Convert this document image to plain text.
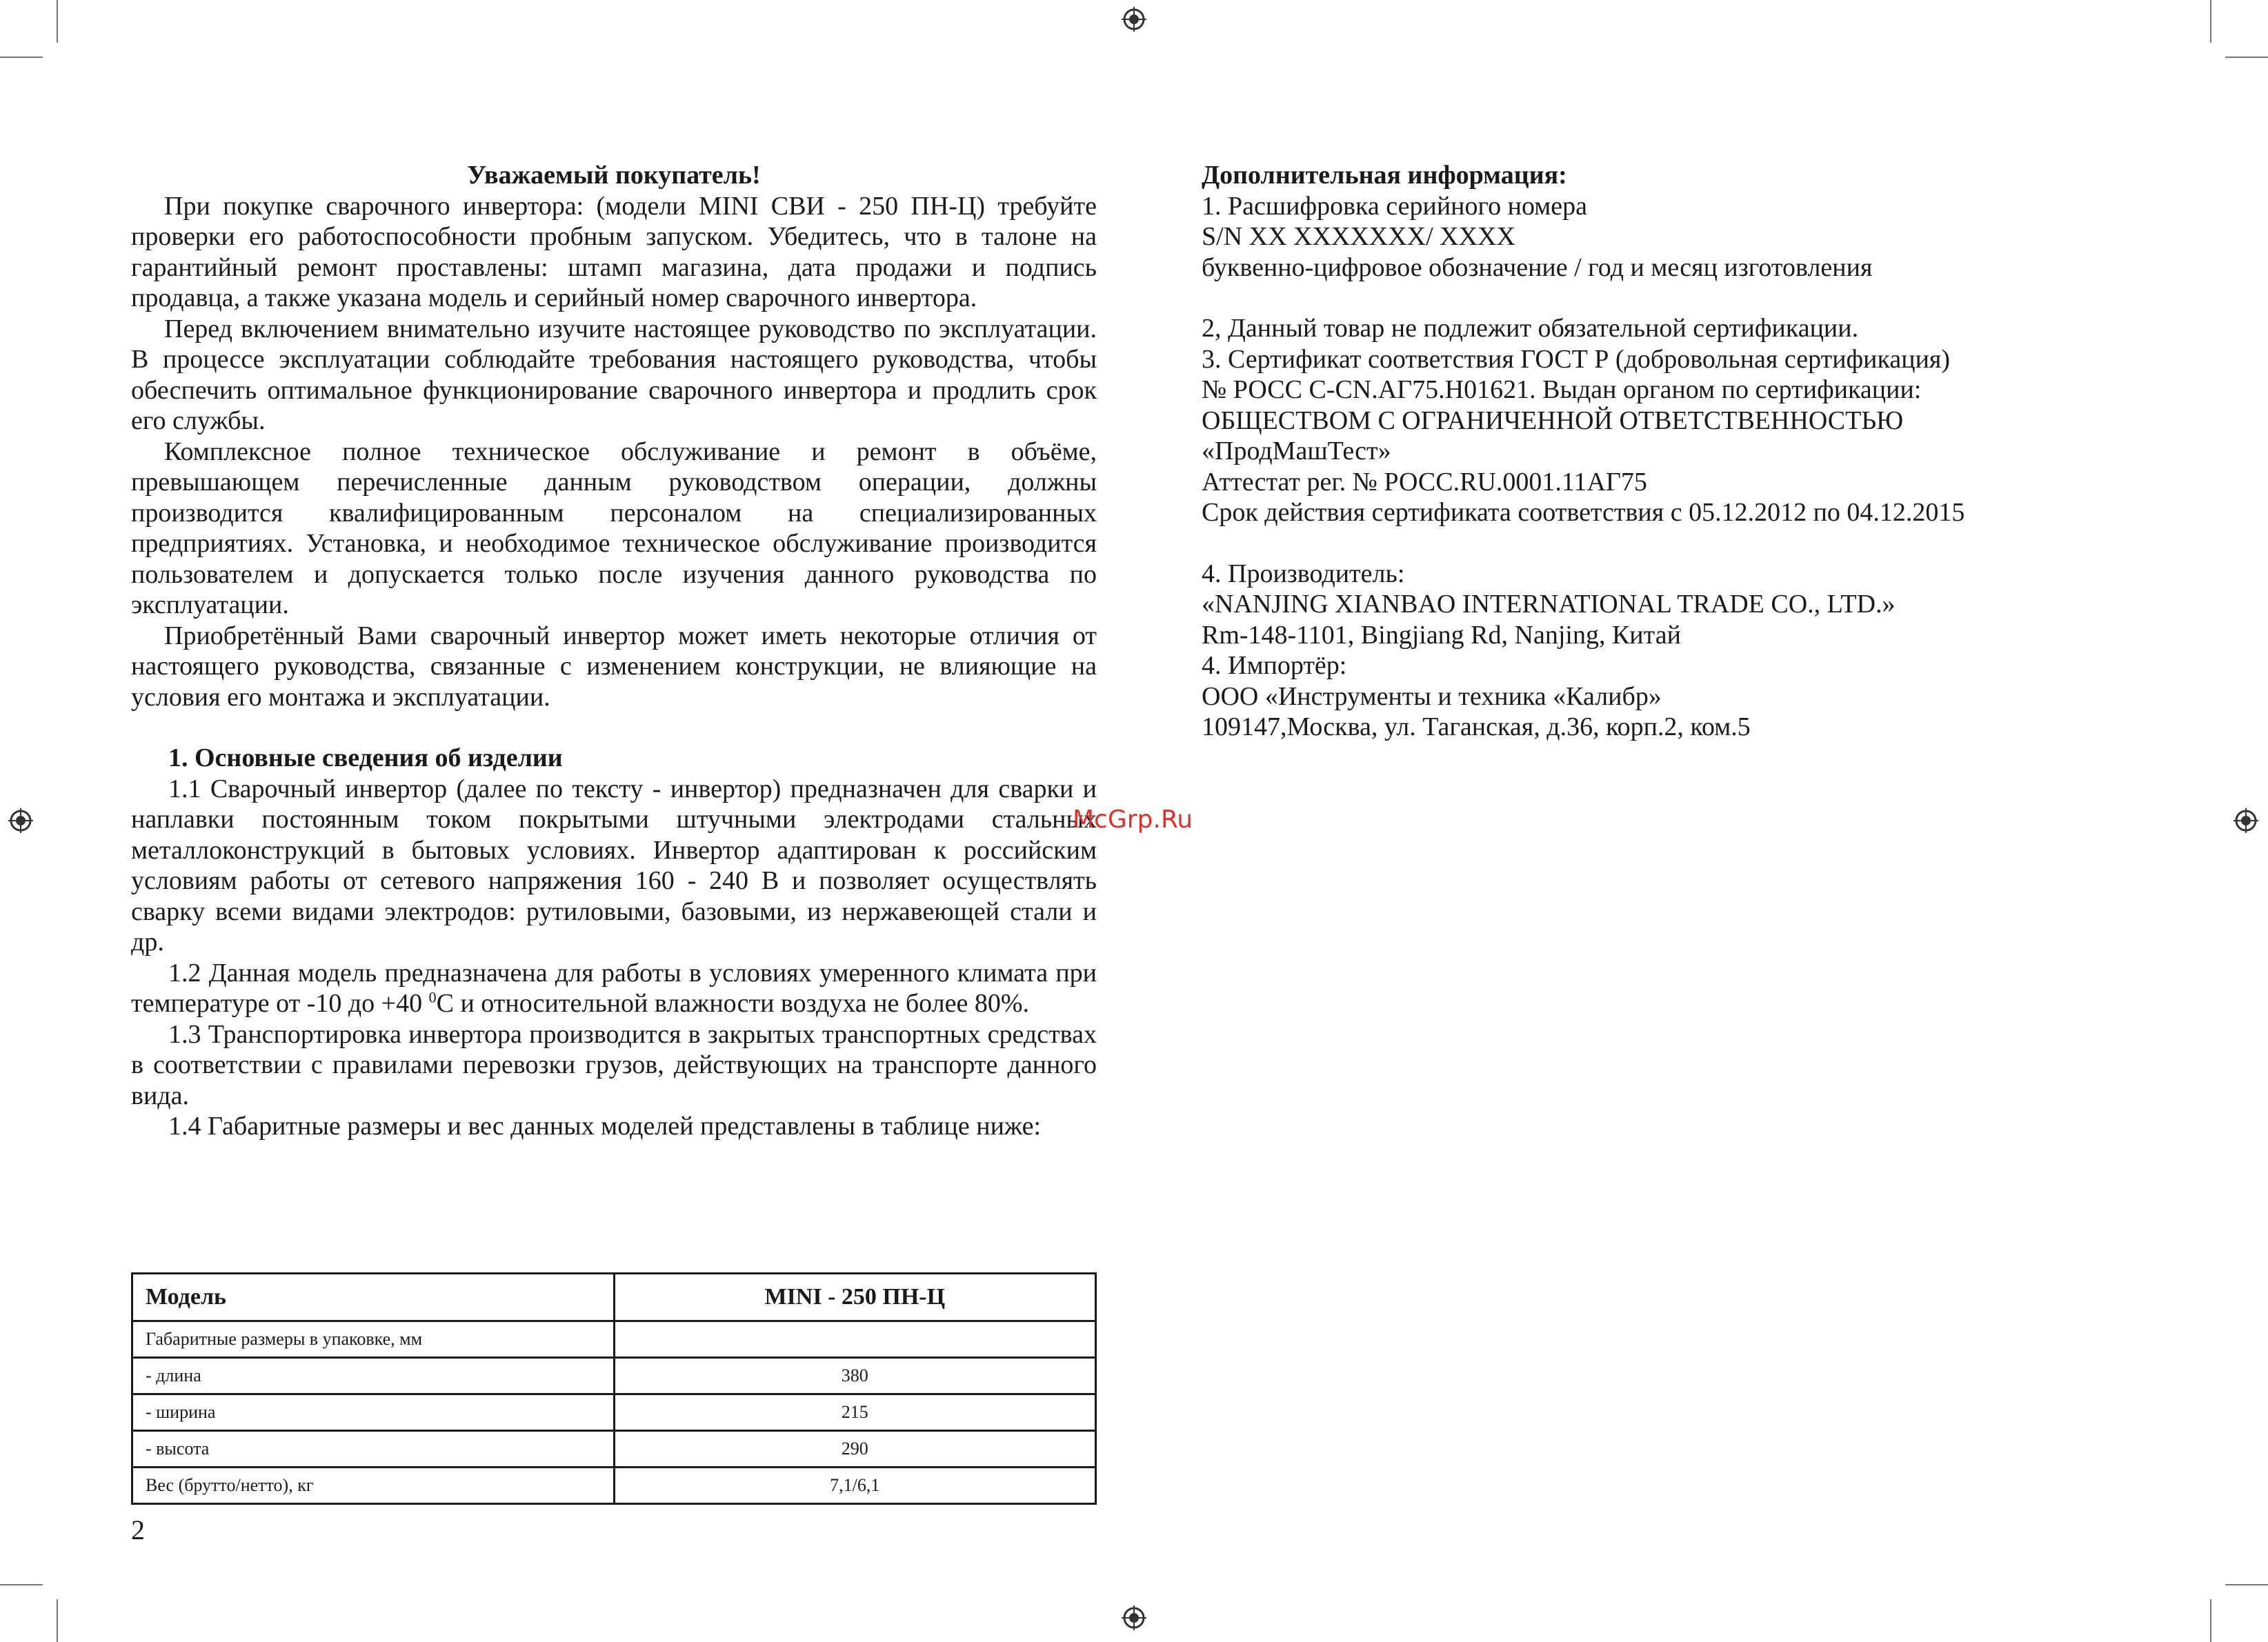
Уважаемый покупатель!

При покупке сварочного инвертора: (модели MINI СВИ - 250 ПН-Ц) требуйте проверки его работоспособности пробным запуском. Убедитесь, что в талоне на гарантийный ремонт проставлены: штамп магазина, дата продажи и подпись продавца, а также указана модель и серийный номер сварочного инвертора.

Перед включением внимательно изучите настоящее руководство по эксплуатации. В процессе эксплуатации соблюдайте требования настоящего руководства, чтобы обеспечить оптимальное функционирование сварочного инвертора и продлить срок его службы.

Комплексное полное техническое обслуживание и ремонт в объёме, превышающем перечисленные данным руководством операции, должны производится квалифицированным персоналом на специализированных предприятиях. Установка, и необходимое техническое обслуживание производится пользователем и допускается только после изучения данного руководства по эксплуатации.

Приобретённый Вами сварочный инвертор может иметь некоторые отличия от настоящего руководства, связанные с изменением конструкции, не влияющие на условия его монтажа и эксплуатации.

1. Основные сведения об изделии

1.1 Сварочный инвертор (далее по тексту - инвертор) предназначен для сварки и наплавки постоянным током покрытыми штучными электродами стальных металлоконструкций в бытовых условиях. Инвертор адаптирован к российским условиям работы от сетевого напряжения 160 - 240 В и позволяет осуществлять сварку всеми видами электродов: рутиловыми, базовыми, из нержавеющей стали и др.

1.2 Данная модель предназначена для работы в условиях умеренного климата при температуре от -10 до +40 $^0$С и относительной влажности воздуха не более 80%.

1.3 Транспортировка инвертора производится в закрытых транспортных средствах в соответствии с правилами перевозки грузов, действующих на транспорте данного вида.

1.4 Габаритные размеры и вес данных моделей представлены в таблице ниже:

Модель	MINI - 250 ПН-Ц
Габаритные размеры в упаковке, мм	
- длина	380
- ширина	215
- высота	290
Вес (брутто/нетто), кг	7,1/6,1
2
Дополнительная информация:
1. Расшифровка серийного номера
S/N XX XXXXXXX/ XXXX
буквенно-цифровое обозначение / год и месяц изготовления
2, Данный товар не подлежит обязательной сертификации.
3. Сертификат соответствия ГОСТ Р (добровольная сертификация)
№ РОСС C-CN.АГ75.Н01621. Выдан органом по сертификации:
ОБЩЕСТВОМ С ОГРАНИЧЕННОЙ ОТВЕТСТВЕННОСТЬЮ
«ПродМашТест»
Аттестат рег. № РОСС.RU.0001.11АГ75
Срок действия сертификата соответствия с 05.12.2012 по 04.12.2015
4. Производитель:
«NANJING XIANBAO INTERNATIONAL TRADE CO., LTD.»
Rm-148-1101, Bingjiang Rd, Nanjing, Китай
4. Импортёр:
ООО «Инструменты и техника «Калибр»
109147,Москва, ул. Таганская, д.36, корп.2, ком.5
McGrp.Ru
